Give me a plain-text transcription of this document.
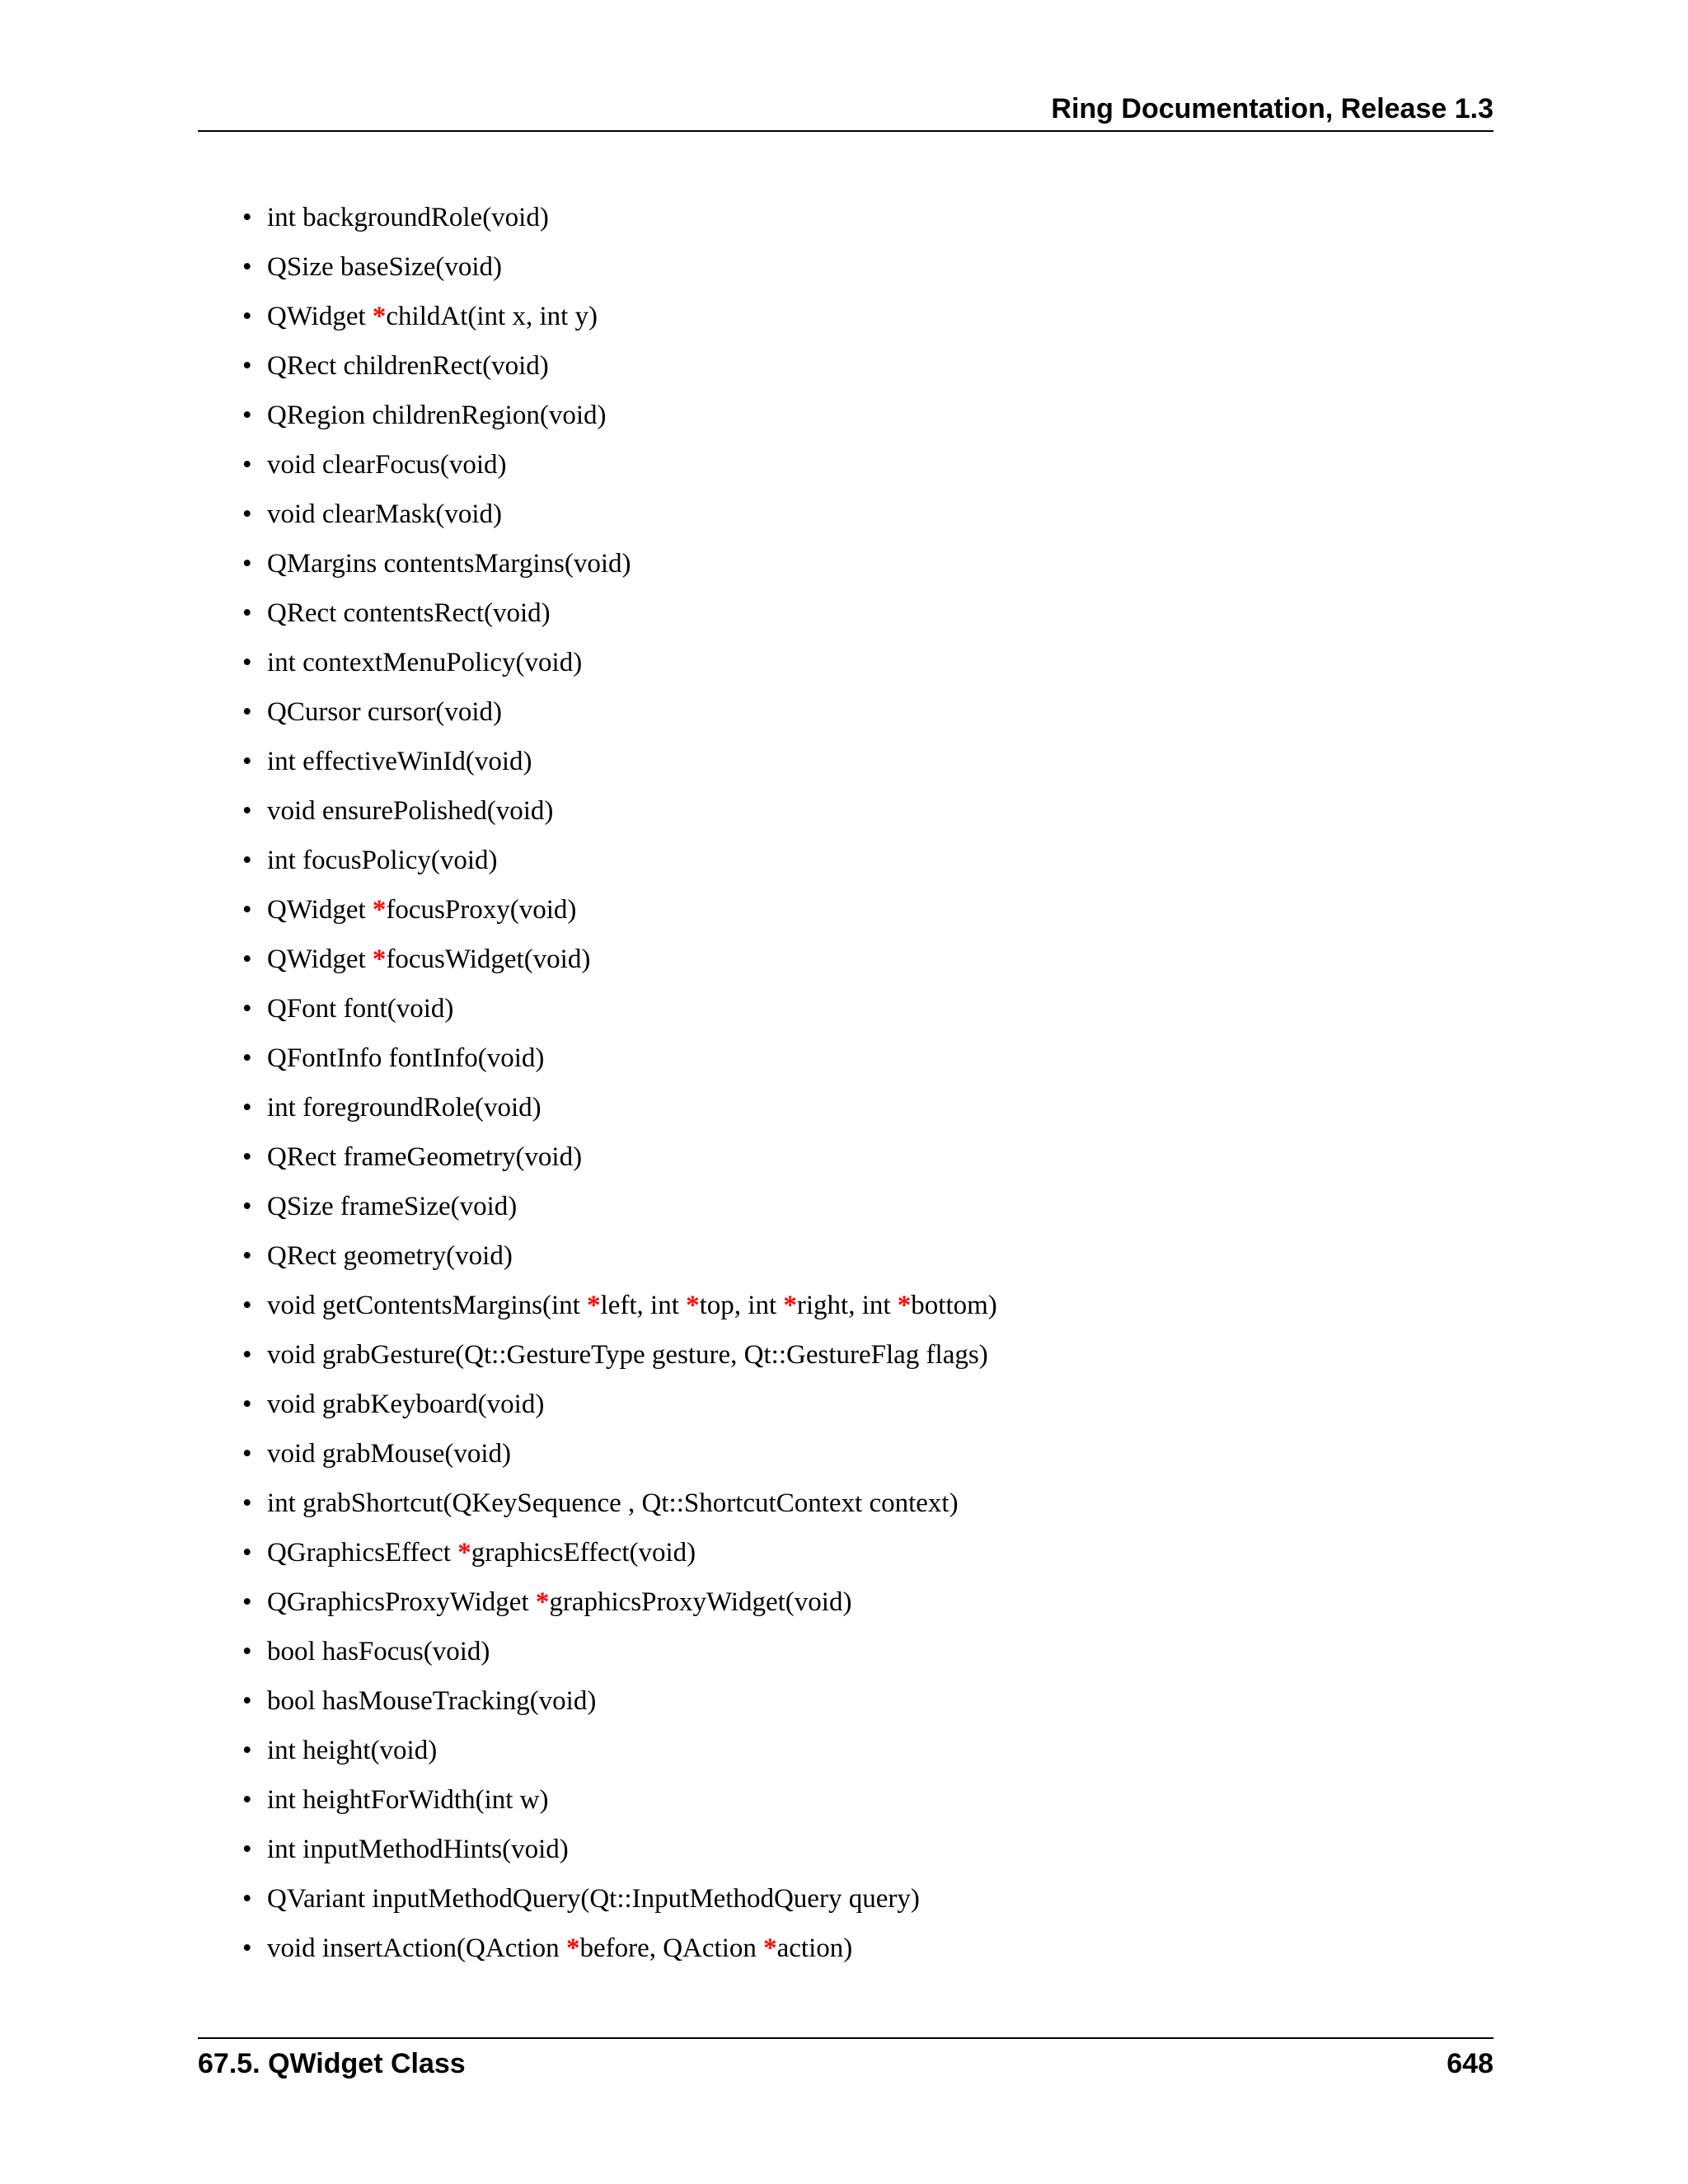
Ring Documentation, Release 1.3
• int backgroundRole(void)
• QSize baseSize(void)
• QWidget *childAt(int x, int y)
• QRect childrenRect(void)
• QRegion childrenRegion(void)
• void clearFocus(void)
• void clearMask(void)
• QMargins contentsMargins(void)
• QRect contentsRect(void)
• int contextMenuPolicy(void)
• QCursor cursor(void)
• int effectiveWinId(void)
• void ensurePolished(void)
• int focusPolicy(void)
• QWidget *focusProxy(void)
• QWidget *focusWidget(void)
• QFont font(void)
• QFontInfo fontInfo(void)
• int foregroundRole(void)
• QRect frameGeometry(void)
• QSize frameSize(void)
• QRect geometry(void)
• void getContentsMargins(int *left, int *top, int *right, int *bottom)
• void grabGesture(Qt::GestureType gesture, Qt::GestureFlag flags)
• void grabKeyboard(void)
• void grabMouse(void)
• int grabShortcut(QKeySequence , Qt::ShortcutContext context)
• QGraphicsEffect *graphicsEffect(void)
• QGraphicsProxyWidget *graphicsProxyWidget(void)
• bool hasFocus(void)
• bool hasMouseTracking(void)
• int height(void)
• int heightForWidth(int w)
• int inputMethodHints(void)
• QVariant inputMethodQuery(Qt::InputMethodQuery query)
• void insertAction(QAction *before, QAction *action)
67.5. QWidget Class	648
